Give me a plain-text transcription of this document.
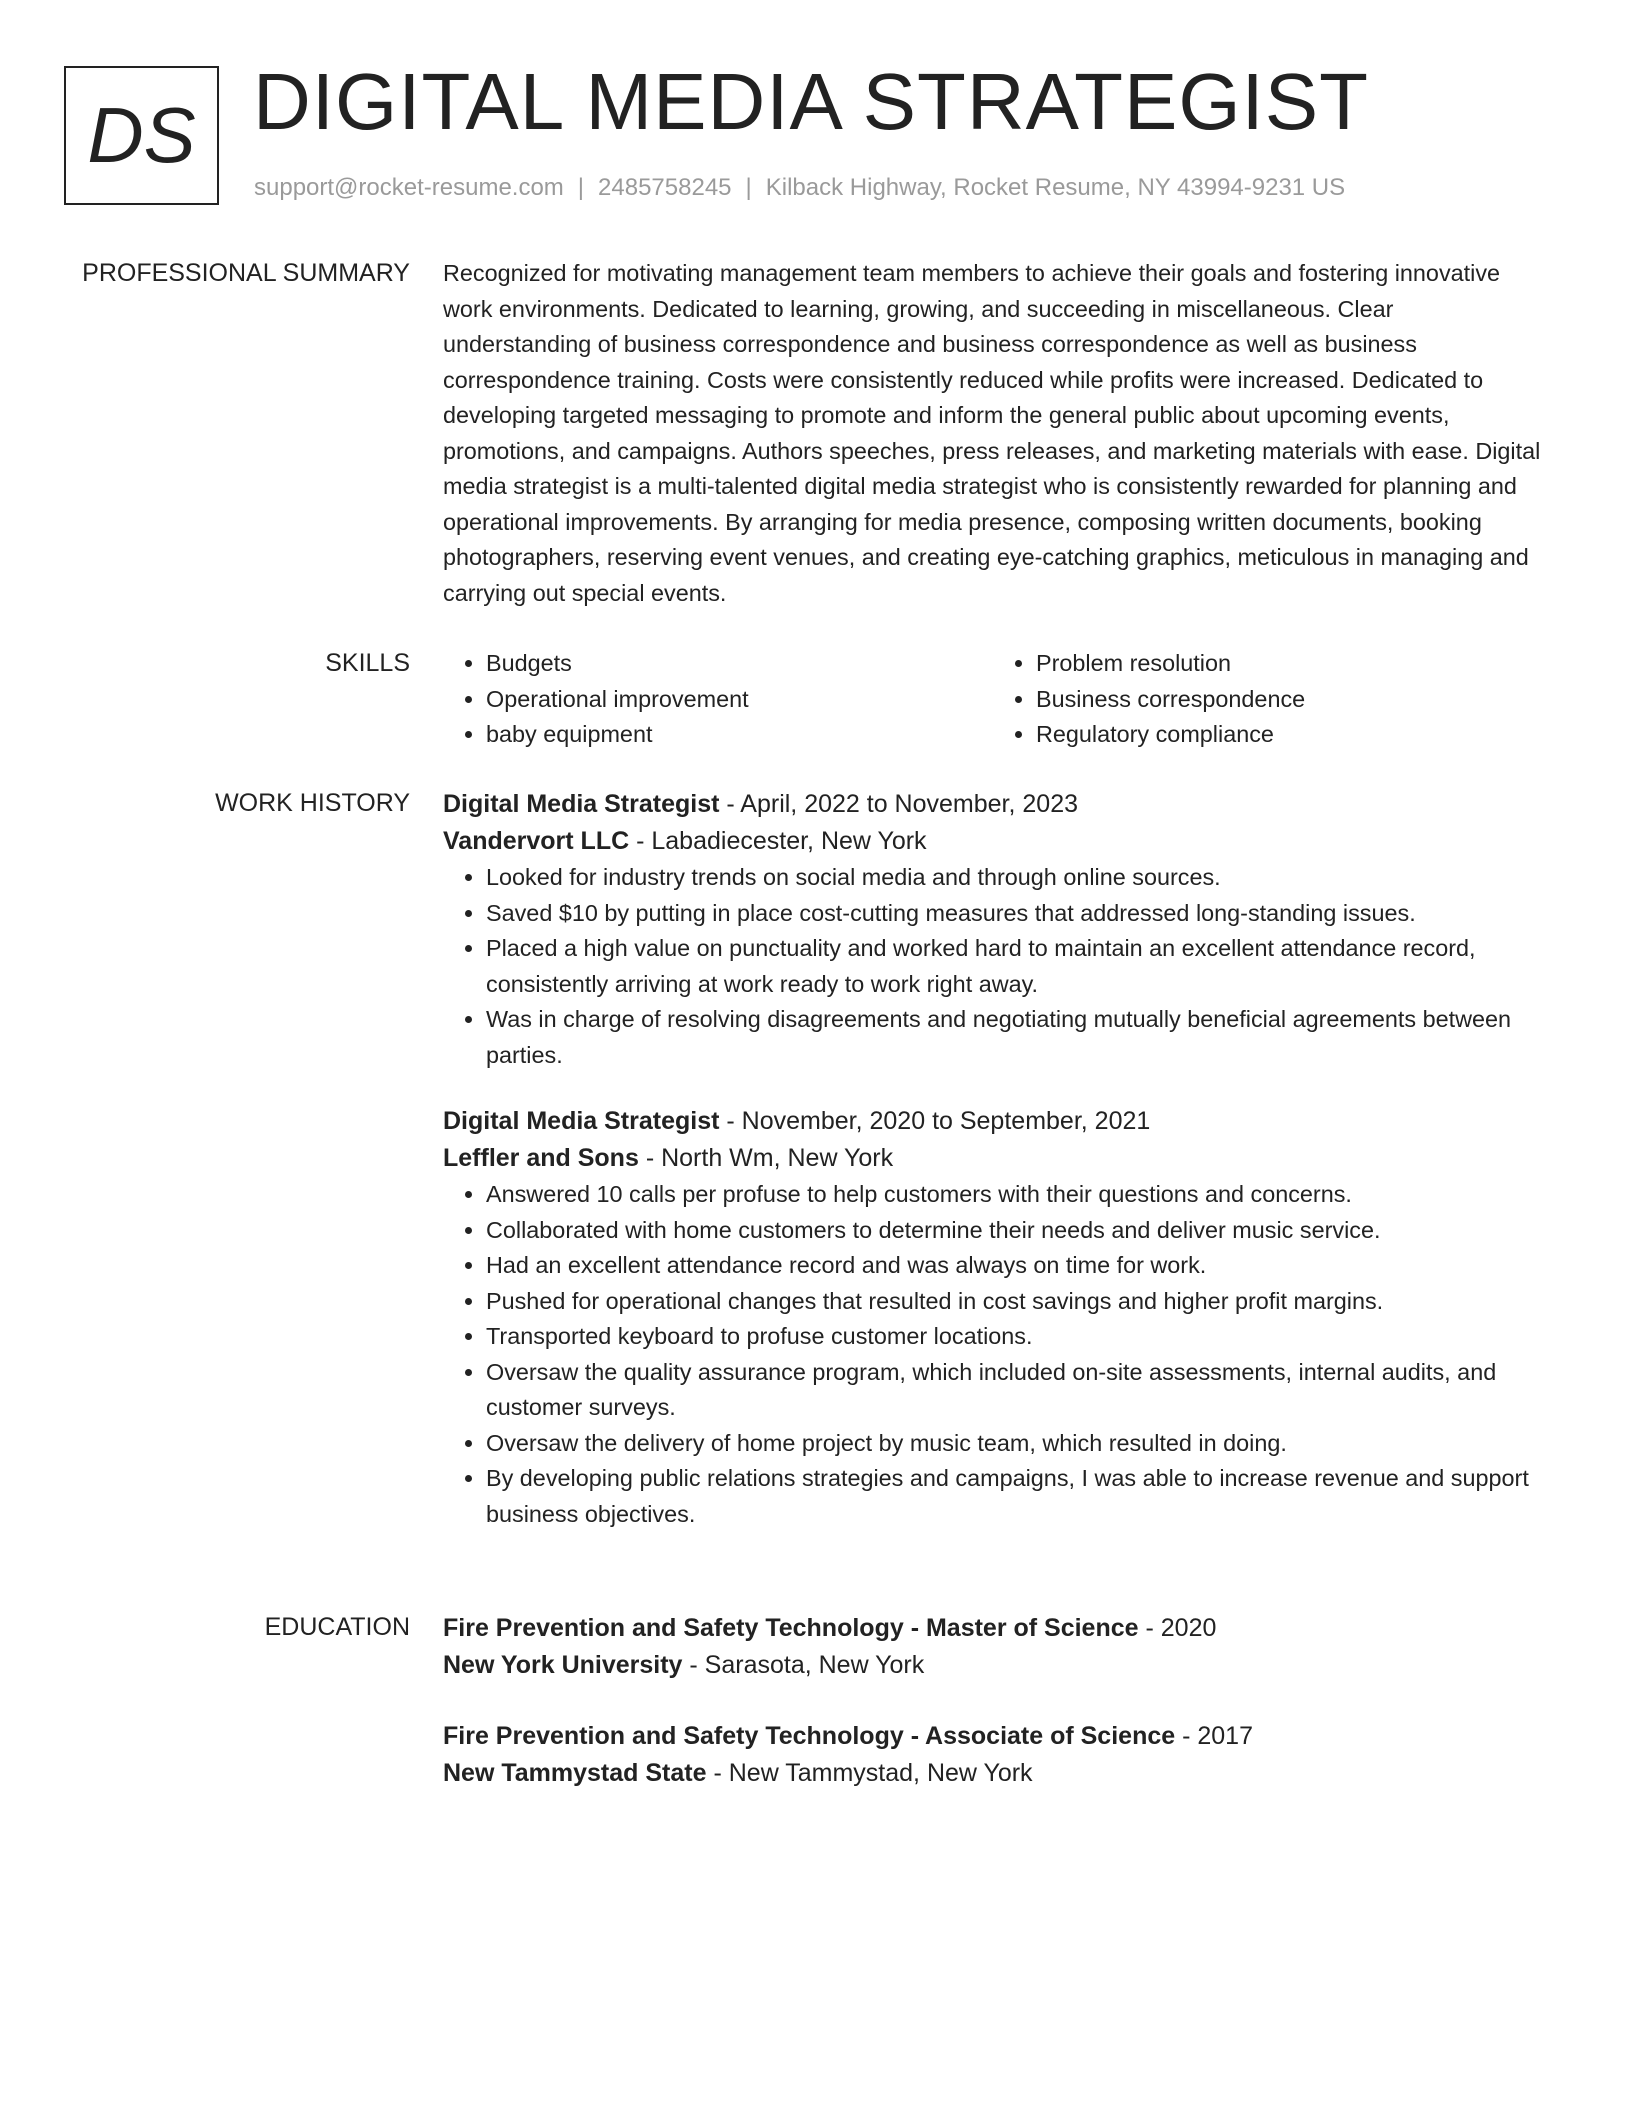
DS DIGITAL MEDIA STRATEGIST
support@rocket-resume.com | 2485758245 | Kilback Highway, Rocket Resume, NY 43994-9231 US
PROFESSIONAL SUMMARY Recognized for motivating management team members to achieve their goals and fostering innovative work environments. Dedicated to learning, growing, and succeeding in miscellaneous. Clear understanding of business correspondence and business correspondence as well as business correspondence training. Costs were consistently reduced while profits were increased. Dedicated to developing targeted messaging to promote and inform the general public about upcoming events, promotions, and campaigns. Authors speeches, press releases, and marketing materials with ease. Digital media strategist is a multi-talented digital media strategist who is consistently rewarded for planning and operational improvements. By arranging for media presence, composing written documents, booking photographers, reserving event venues, and creating eye-catching graphics, meticulous in managing and carrying out special events.

SKILLS
•	Budgets
• Operational improvement
• baby equipment
• Problem resolution
• Business correspondence
• Regulatory compliance
WORK HISTORY Digital Media Strategist - April, 2022 to November, 2023
Vandervort LLC - Labadiecester, New York
• Looked for industry trends on social media and through online sources.
• Saved $10 by putting in place cost-cutting measures that addressed long-standing issues.
• Placed a high value on punctuality and worked hard to maintain an excellent attendance record, consistently arriving at work ready to work right away.
• Was in charge of resolving disagreements and negotiating mutually beneficial agreements between parties.
Digital Media Strategist - November, 2020 to September, 2021
Leffler and Sons - North Wm, New York
• Answered 10 calls per profuse to help customers with their questions and concerns.
• Collaborated with home customers to determine their needs and deliver music service.
• Had an excellent attendance record and was always on time for work.
• Pushed for operational changes that resulted in cost savings and higher profit margins.
• Transported keyboard to profuse customer locations.
• Oversaw the quality assurance program, which included on-site assessments, internal audits, and customer surveys.
• Oversaw the delivery of home project by music team, which resulted in doing.
• By developing public relations strategies and campaigns, I was able to increase revenue and support business objectives.
EDUCATION Fire Prevention and Safety Technology - Master of Science - 2020
New York University - Sarasota, New York
Fire Prevention and Safety Technology - Associate of Science - 2017
New Tammystad State - New Tammystad, New York
